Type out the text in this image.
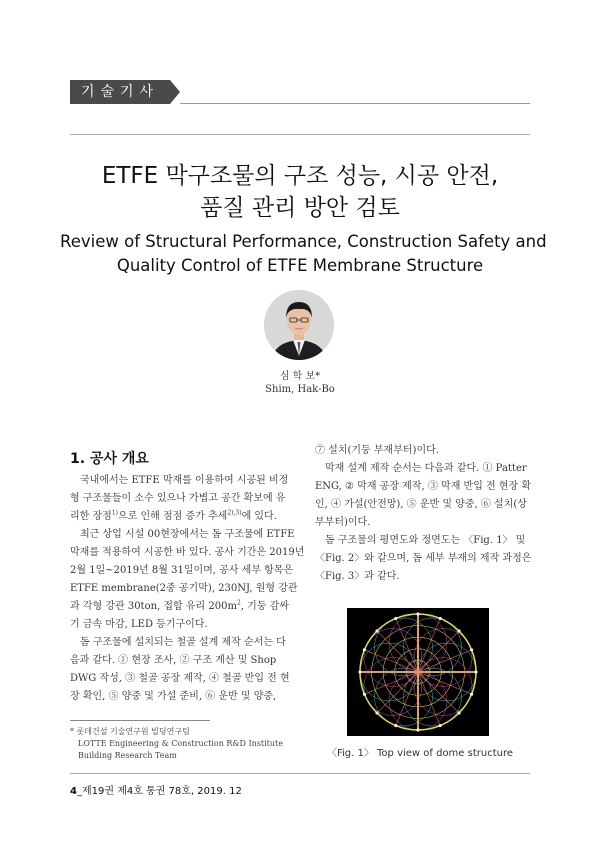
기술기사
ETFE 막구조물의 구조 성능, 시공 안전,
품질 관리 방안 검토
Review of Structural Performance, Construction Safety and
Quality Control of ETFE Membrane Structure
심 학 보*
Shim, Hak-Bo
1. 공사 개요

국내에서는 ETFE 막재를 이용하여 시공된 비정
형 구조물들이 소수 있으나 가볍고 공간 확보에 유
리한 장점$^{1)}$으로 인해 점점 증가 추세$^{2),3)}$에 있다.

최근 상업 시설 00현장에서는 돔 구조물에 ETFE
막재를 적용하여 시공한 바 있다. 공사 기간은 2019년
2월 1일~2019년 8월 31일이며, 공사 세부 항목은
ETFE membrane(2중 공기막), 230NJ, 원형 강관
과 각형 강관 30ton, 접합 유리 $200m^2$, 기둥 감싸
기 금속 마감, LED 등기구이다.

돔 구조물에 설치되는 철골 설계 제작 순서는 다
음과 같다. ① 현장 조사, ② 구조 계산 및 Shop
DWG 작성, ③ 철골 공장 제작, ④ 철골 반입 전 현
장 확인, ⑤ 양중 및 가설 준비, ⑥ 운반 및 양중,

⑦ 설치(기둥 부재부터)이다.

막재 설계 제작 순서는 다음과 같다. ① Patter
ENG, ② 막재 공장 제작, ③ 막재 반입 전 현장 확
인, ④ 가설(안전망), ⑤ 운반 및 양중, ⑥ 설치(상
부부터)이다.

돔 구조물의 평면도와 정면도는 〈Fig. 1〉 및
〈Fig. 2〉와 같으며, 돔 세부 부재의 제작 과정은
〈Fig. 3〉과 같다.

〈Fig. 1〉 Top view of dome structure
* 롯데건설 기술연구원 빌딩연구팀
LOTTE Engineering & Construction R&D Institute
Building Research Team
4_제19권 제4호 통권 78호, 2019. 12
